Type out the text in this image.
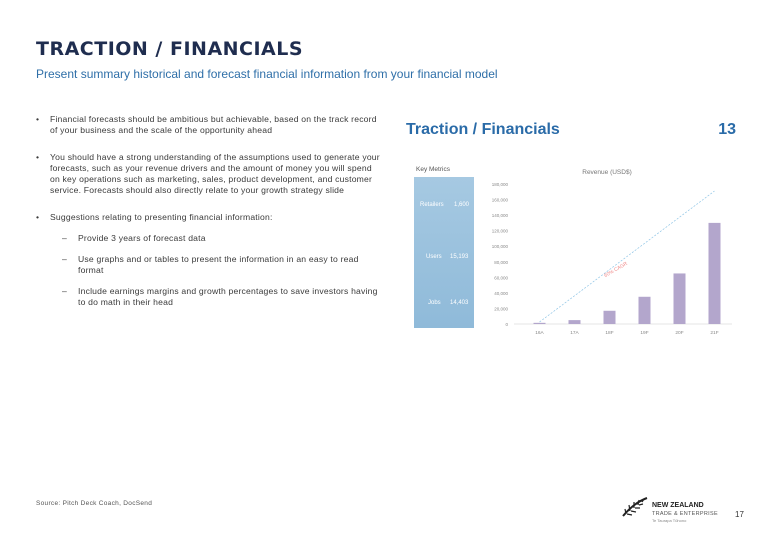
TRACTION / FINANCIALS
Present summary historical and forecast financial information from your financial model
• Financial forecasts should be ambitious but achievable, based on the track record of your business and the scale of the opportunity ahead
• You should have a strong understanding of the assumptions used to generate your forecasts, such as your revenue drivers and the amount of money you will spend on key operations such as marketing, sales, product development, and customer service. Forecasts should also directly relate to your growth strategy slide
• Suggestions relating to presenting financial information:
– Provide 3 years of forecast data
– Use graphs and or tables to present the information in an easy to read format
– Include earnings margins and growth percentages to save investors having to do math in their head
Source: Pitch Deck Coach, DocSend
Traction / Financials	13
Key Metrics
Retailers 1,600
Users 15,193
Jobs 14,403
Revenue (USD$)
0
20,000
40,000
60,000
80,000
100,000
120,000
140,000
160,000
180,000
16A	17A	18F	19F	20F	21F
60% CAGR
NEW ZEALAND
TRADE & ENTERPRISE
Te Taurapa Tūhono
17
